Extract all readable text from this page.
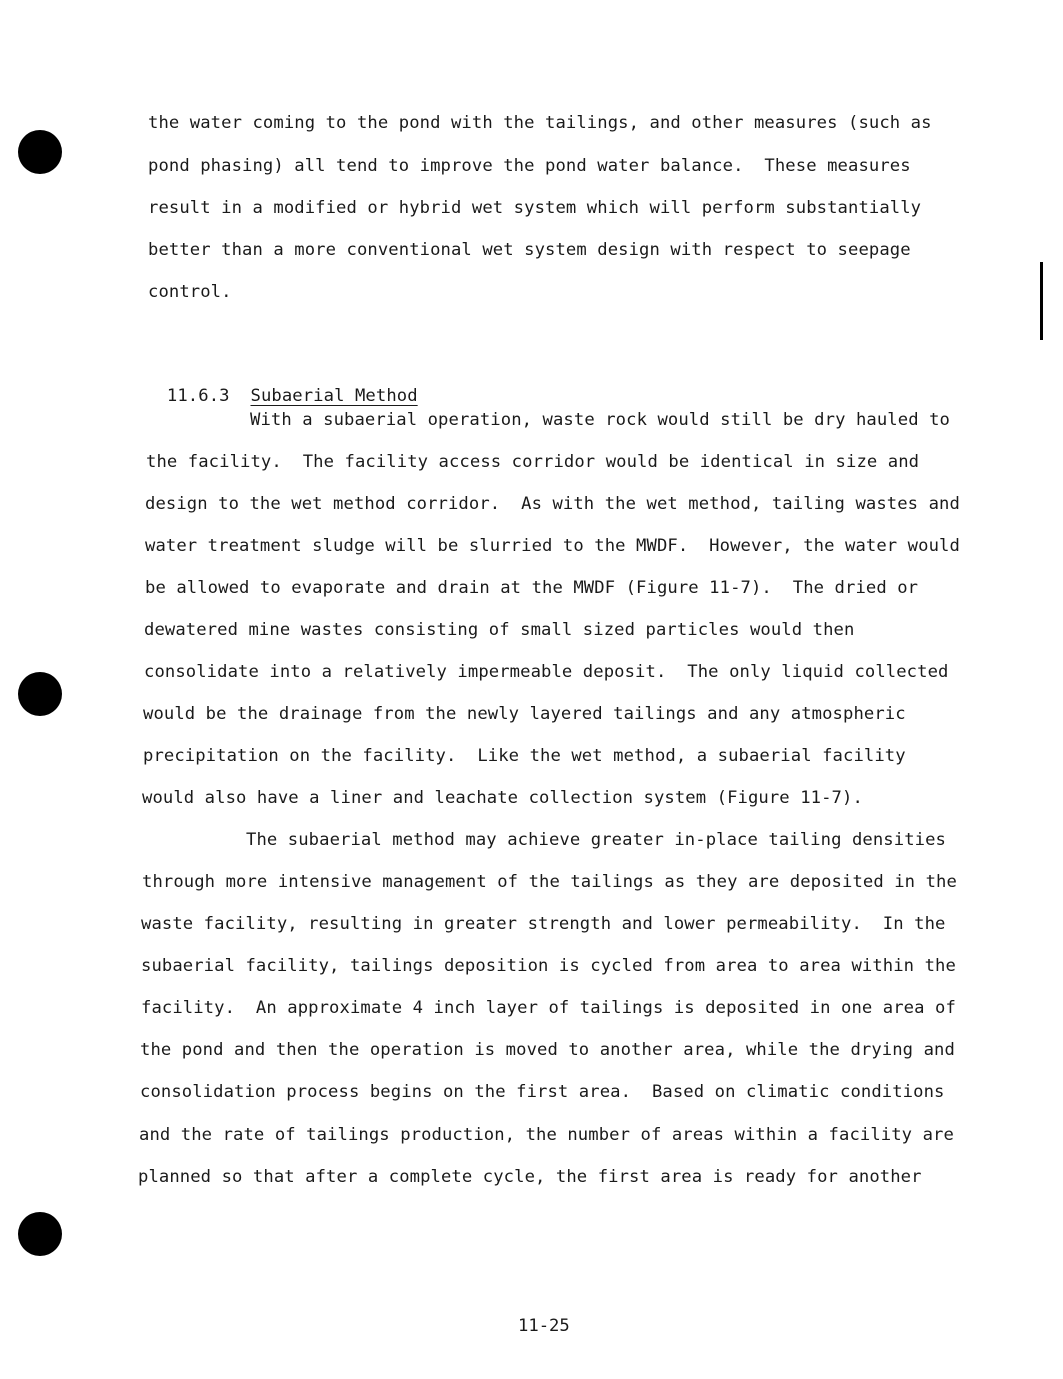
the water coming to the pond with the tailings, and other measures (such as
pond phasing) all tend to improve the pond water balance.  These measures
result in a modified or hybrid wet system which will perform substantially
better than a more conventional wet system design with respect to seepage
control.

11.6.3 Subaerial Method

With a subaerial operation, waste rock would still be dry hauled to
the facility.  The facility access corridor would be identical in size and
design to the wet method corridor.  As with the wet method, tailing wastes and
water treatment sludge will be slurried to the MWDF.  However, the water would
be allowed to evaporate and drain at the MWDF (Figure 11-7).  The dried or
dewatered mine wastes consisting of small sized particles would then
consolidate into a relatively impermeable deposit.  The only liquid collected
would be the drainage from the newly layered tailings and any atmospheric
precipitation on the facility.  Like the wet method, a subaerial facility
would also have a liner and leachate collection system (Figure 11-7).
The subaerial method may achieve greater in-place tailing densities
through more intensive management of the tailings as they are deposited in the
waste facility, resulting in greater strength and lower permeability.  In the
subaerial facility, tailings deposition is cycled from area to area within the
facility.  An approximate 4 inch layer of tailings is deposited in one area of
the pond and then the operation is moved to another area, while the drying and
consolidation process begins on the first area.  Based on climatic conditions
and the rate of tailings production, the number of areas within a facility are
planned so that after a complete cycle, the first area is ready for another
11-25
